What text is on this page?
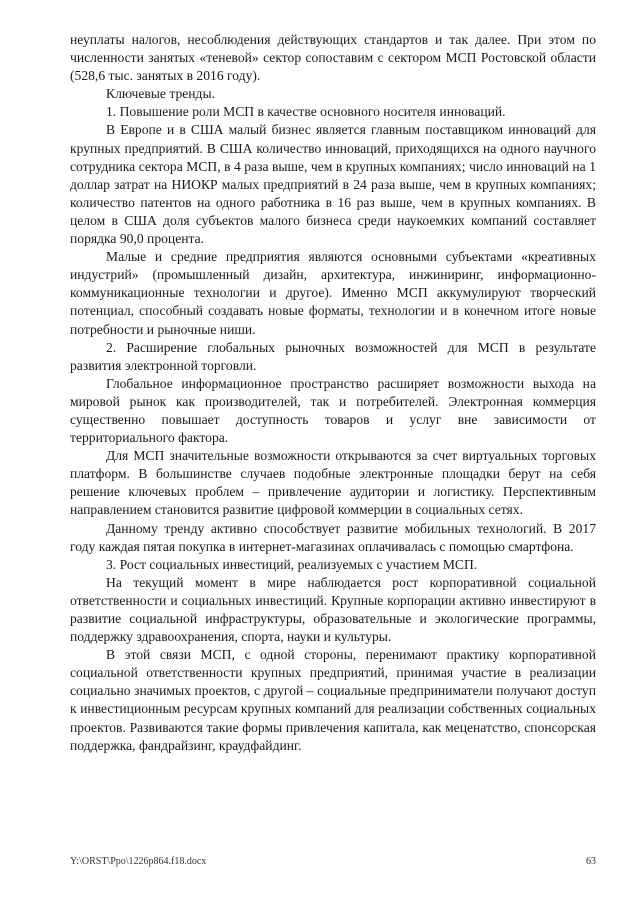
неуплаты налогов, несоблюдения действующих стандартов и так далее. При этом по численности занятых «теневой» сектор сопоставим с сектором МСП Ростовской области (528,6 тыс. занятых в 2016 году).

Ключевые тренды.

1. Повышение роли МСП в качестве основного носителя инноваций.

В Европе и в США малый бизнес является главным поставщиком инноваций для крупных предприятий. В США количество инноваций, приходящихся на одного научного сотрудника сектора МСП, в 4 раза выше, чем в крупных компаниях; число инноваций на 1 доллар затрат на НИОКР малых предприятий в 24 раза выше, чем в крупных компаниях; количество патентов на одного работника в 16 раз выше, чем в крупных компаниях. В целом в США доля субъектов малого бизнеса среди наукоемких компаний составляет порядка 90,0 процента.

Малые и средние предприятия являются основными субъектами «креативных индустрий» (промышленный дизайн, архитектура, инжиниринг, информационно-коммуникационные технологии и другое). Именно МСП аккумулируют творческий потенциал, способный создавать новые форматы, технологии и в конечном итоге новые потребности и рыночные ниши.

2. Расширение глобальных рыночных возможностей для МСП в результате развития электронной торговли.

Глобальное информационное пространство расширяет возможности выхода на мировой рынок как производителей, так и потребителей. Электронная коммерция существенно повышает доступность товаров и услуг вне зависимости от территориального фактора.

Для МСП значительные возможности открываются за счет виртуальных торговых платформ. В большинстве случаев подобные электронные площадки берут на себя решение ключевых проблем – привлечение аудитории и логистику. Перспективным направлением становится развитие цифровой коммерции в социальных сетях.

Данному тренду активно способствует развитие мобильных технологий. В 2017 году каждая пятая покупка в интернет-магазинах оплачивалась с помощью смартфона.

3. Рост социальных инвестиций, реализуемых с участием МСП.

На текущий момент в мире наблюдается рост корпоративной социальной ответственности и социальных инвестиций. Крупные корпорации активно инвестируют в развитие социальной инфраструктуры, образовательные и экологические программы, поддержку здравоохранения, спорта, науки и культуры.

В этой связи МСП, с одной стороны, перенимают практику корпоративной социальной ответственности крупных предприятий, принимая участие в реализации социально значимых проектов, с другой – социальные предприниматели получают доступ к инвестиционным ресурсам крупных компаний для реализации собственных социальных проектов. Развиваются такие формы привлечения капитала, как меценатство, спонсорская поддержка, фандрайзинг, краудфайдинг.

Y:\ORST\Ppo\1226p864.f18.docx	63
